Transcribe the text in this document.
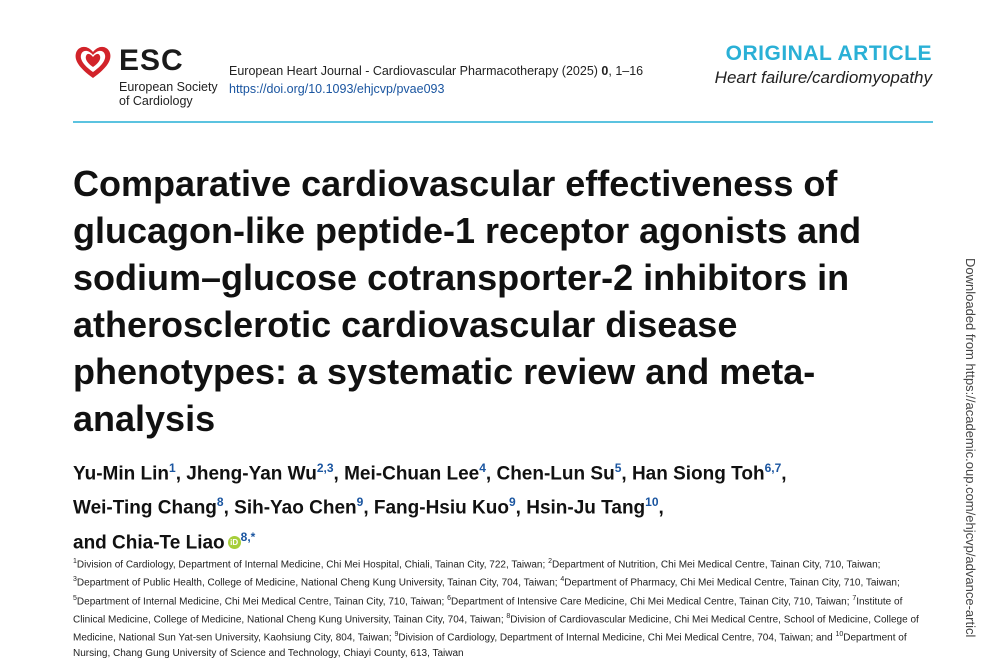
ESC
European Society
of Cardiology
European Heart Journal - Cardiovascular Pharmacotherapy (2025) 0, 1–16
https://doi.org/10.1093/ehjcvp/pvae093
ORIGINAL ARTICLE
Heart failure/cardiomyopathy
Comparative cardiovascular effectiveness of glucagon-like peptide-1 receptor agonists and sodium–glucose cotransporter-2 inhibitors in atherosclerotic cardiovascular disease phenotypes: a systematic review and meta-analysis
Yu-Min Lin$^1$, Jheng-Yan Wu$^{2,3}$, Mei-Chuan Lee$^4$, Chen-Lun Su$^5$, Han Siong Toh$^{6,7}$,
Wei-Ting Chang$^8$, Sih-Yao Chen$^9$, Fang-Hsiu Kuo$^9$, Hsin-Ju Tang$^{10}$,
and Chia-Te Liao iD $^{8,*}$
$^1$Division of Cardiology, Department of Internal Medicine, Chi Mei Hospital, Chiali, Tainan City, 722, Taiwan; $^2$Department of Nutrition, Chi Mei Medical Centre, Tainan City, 710, Taiwan; $^3$Department of Public Health, College of Medicine, National Cheng Kung University, Tainan City, 704, Taiwan; $^4$Department of Pharmacy, Chi Mei Medical Centre, Tainan City, 710, Taiwan; $^5$Department of Internal Medicine, Chi Mei Medical Centre, Tainan City, 710, Taiwan; $^6$Department of Intensive Care Medicine, Chi Mei Medical Centre, Tainan City, 710, Taiwan; $^7$Institute of Clinical Medicine, College of Medicine, National Cheng Kung University, Tainan City, 704, Taiwan; $^8$Division of Cardiovascular Medicine, Chi Mei Medical Centre, School of Medicine, College of Medicine, National Sun Yat-sen University, Kaohsiung City, 804, Taiwan; $^9$Division of Cardiology, Department of Internal Medicine, Chi Mei Medical Centre, 704, Taiwan; and $^{10}$Department of Nursing, Chang Gung University of Science and Technology, Chiayi County, 613, Taiwan
Downloaded from https://academic.oup.com/ehjcvp/advance-articl
